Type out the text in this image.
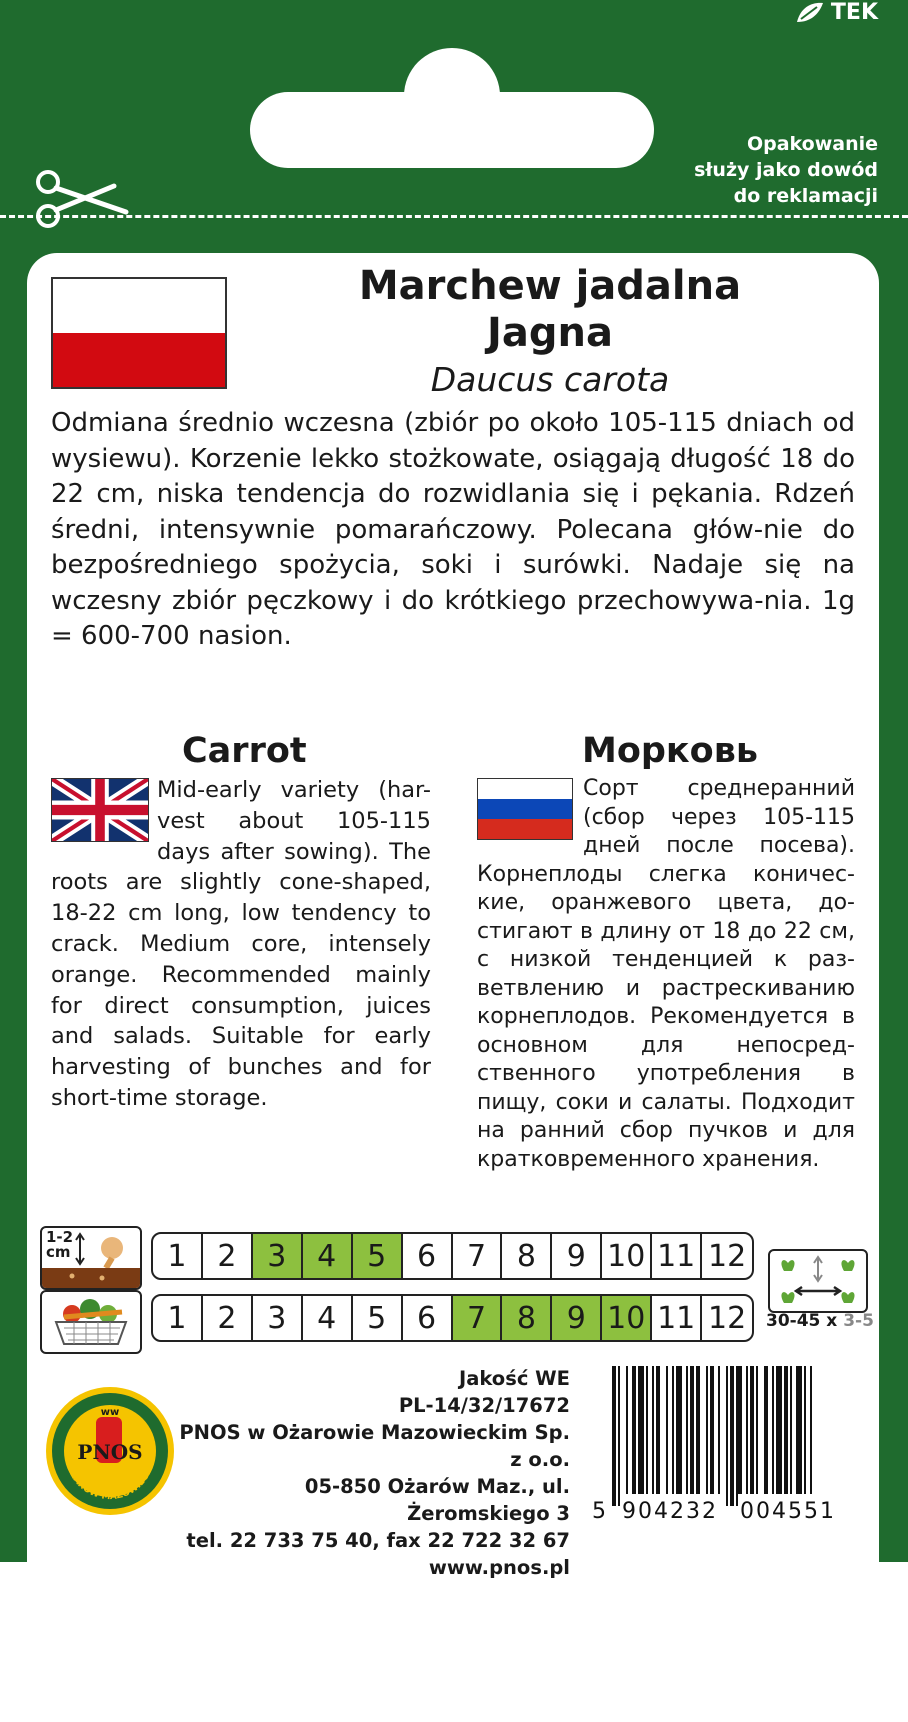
TEK
Opakowanie
służy jako dowód
do reklamacji
Marchew jadalna
Jagna
Daucus carota
Odmiana średnio wczesna (zbiór po około 105-115 dniach od wysiewu). Korzenie lekko stożkowate, osiągają długość 18 do 22 cm, niska tendencja do rozwidlania się i pękania. Rdzeń średni, intensywnie pomarańczowy. Polecana głów-nie do bezpośredniego spożycia, soki i surówki. Nadaje się na wczesny zbiór pęczkowy i do krótkiego przechowywa-nia. 1g = 600-700 nasion.
Carrot	Морковь
Mid-early variety (har-vest about 105-115 days after sowing). The roots are slightly cone-shaped, 18-22 cm long, low tendency to crack. Medium core, intensely orange. Recommended mainly for direct consumption, juices and salads. Suitable for early harvesting of bunches and for short-time storage.
Сорт среднеранний (сбор через 105-115 дней после посева). Корнеплоды слегка коничес-кие, оранжевого цвета, до-стигают в длину от 18 до 22 см, с низкой тенденцией к раз-ветвлению и растрескиванию корнеплодов. Рекомендуется в основном для непосред-ственного употребления в пищу, соки и салаты. Подходит на ранний сбор пучков и для кратковременного хранения.
1-2 cm	1	2	3	4	5	6	7	8	9 10 11 12
1	2	3	4	5	6	7	8	9 10 11 12	30-45 x 3-5
ww
PNOS
OŻARÓW MAZOWIECKI
Jakość WE
PL-14/32/17672
PNOS w Ożarowie Mazowieckim Sp. z o.o.
05-850 Ożarów Maz., ul. Żeromskiego 3
tel. 22 733 75 40, fax 22 722 32 67
www.pnos.pl
5 904232 004551
